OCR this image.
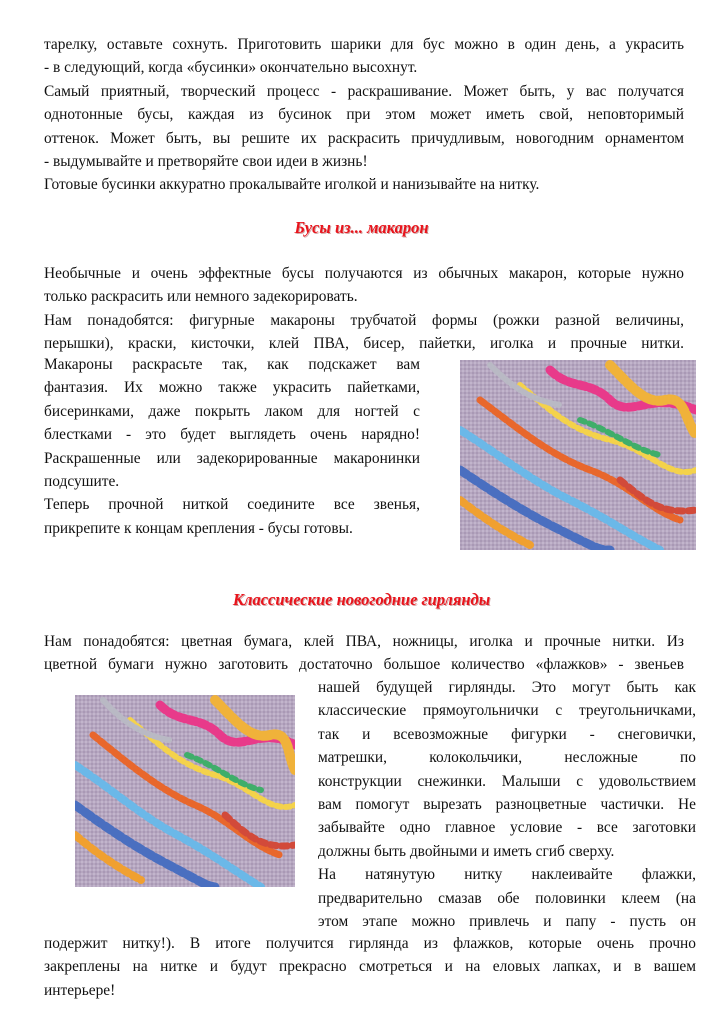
тарелку, оставьте сохнуть. Приготовить шарики для бус можно в один день, а украсить
- в следующий, когда «бусинки» окончательно высохнут.
Самый приятный, творческий процесс - раскрашивание. Может быть, у вас получатся
однотонные бусы, каждая из бусинок при этом может иметь свой, неповторимый
оттенок. Может быть, вы решите их раскрасить причудливым, новогодним орнаментом
- выдумывайте и претворяйте свои идеи в жизнь!
Готовые бусинки аккуратно прокалывайте иголкой и нанизывайте на нитку.
Бусы из... макарон
Необычные и очень эффектные бусы получаются из обычных макарон, которые нужно
только раскрасить или немного задекорировать.
Нам понадобятся: фигурные макароны трубчатой формы (рожки разной величины,
перышки), краски, кисточки, клей ПВА, бисер, пайетки, иголка и прочные нитки.
Макароны раскрасьте так, как подскажет вам
фантазия. Их можно также украсить пайетками,
бисеринками, даже покрыть лаком для ногтей с
блестками - это будет выглядеть очень нарядно!
Раскрашенные или задекорированные макаронинки
подсушите.
Теперь прочной ниткой соедините все звенья,
прикрепите к концам крепления - бусы готовы.
Классические новогодние гирлянды
Нам понадобятся: цветная бумага, клей ПВА, ножницы, иголка и прочные нитки. Из
цветной бумаги нужно заготовить достаточно большое количество «флажков» - звеньев
нашей будущей гирлянды. Это могут быть как
классические прямоугольнички с треугольничками,
так и всевозможные фигурки - снеговички,
матрешки, колокольчики, несложные по
конструкции снежинки. Малыши с удовольствием
вам помогут вырезать разноцветные частички. Не
забывайте одно главное условие - все заготовки
должны быть двойными и иметь сгиб сверху.
На натянутую нитку наклеивайте флажки,
предварительно смазав обе половинки клеем (на
этом этапе можно привлечь и папу - пусть он
подержит нитку!). В итоге получится гирлянда из флажков, которые очень прочно
закреплены на нитке и будут прекрасно смотреться и на еловых лапках, и в вашем
интерьере!
